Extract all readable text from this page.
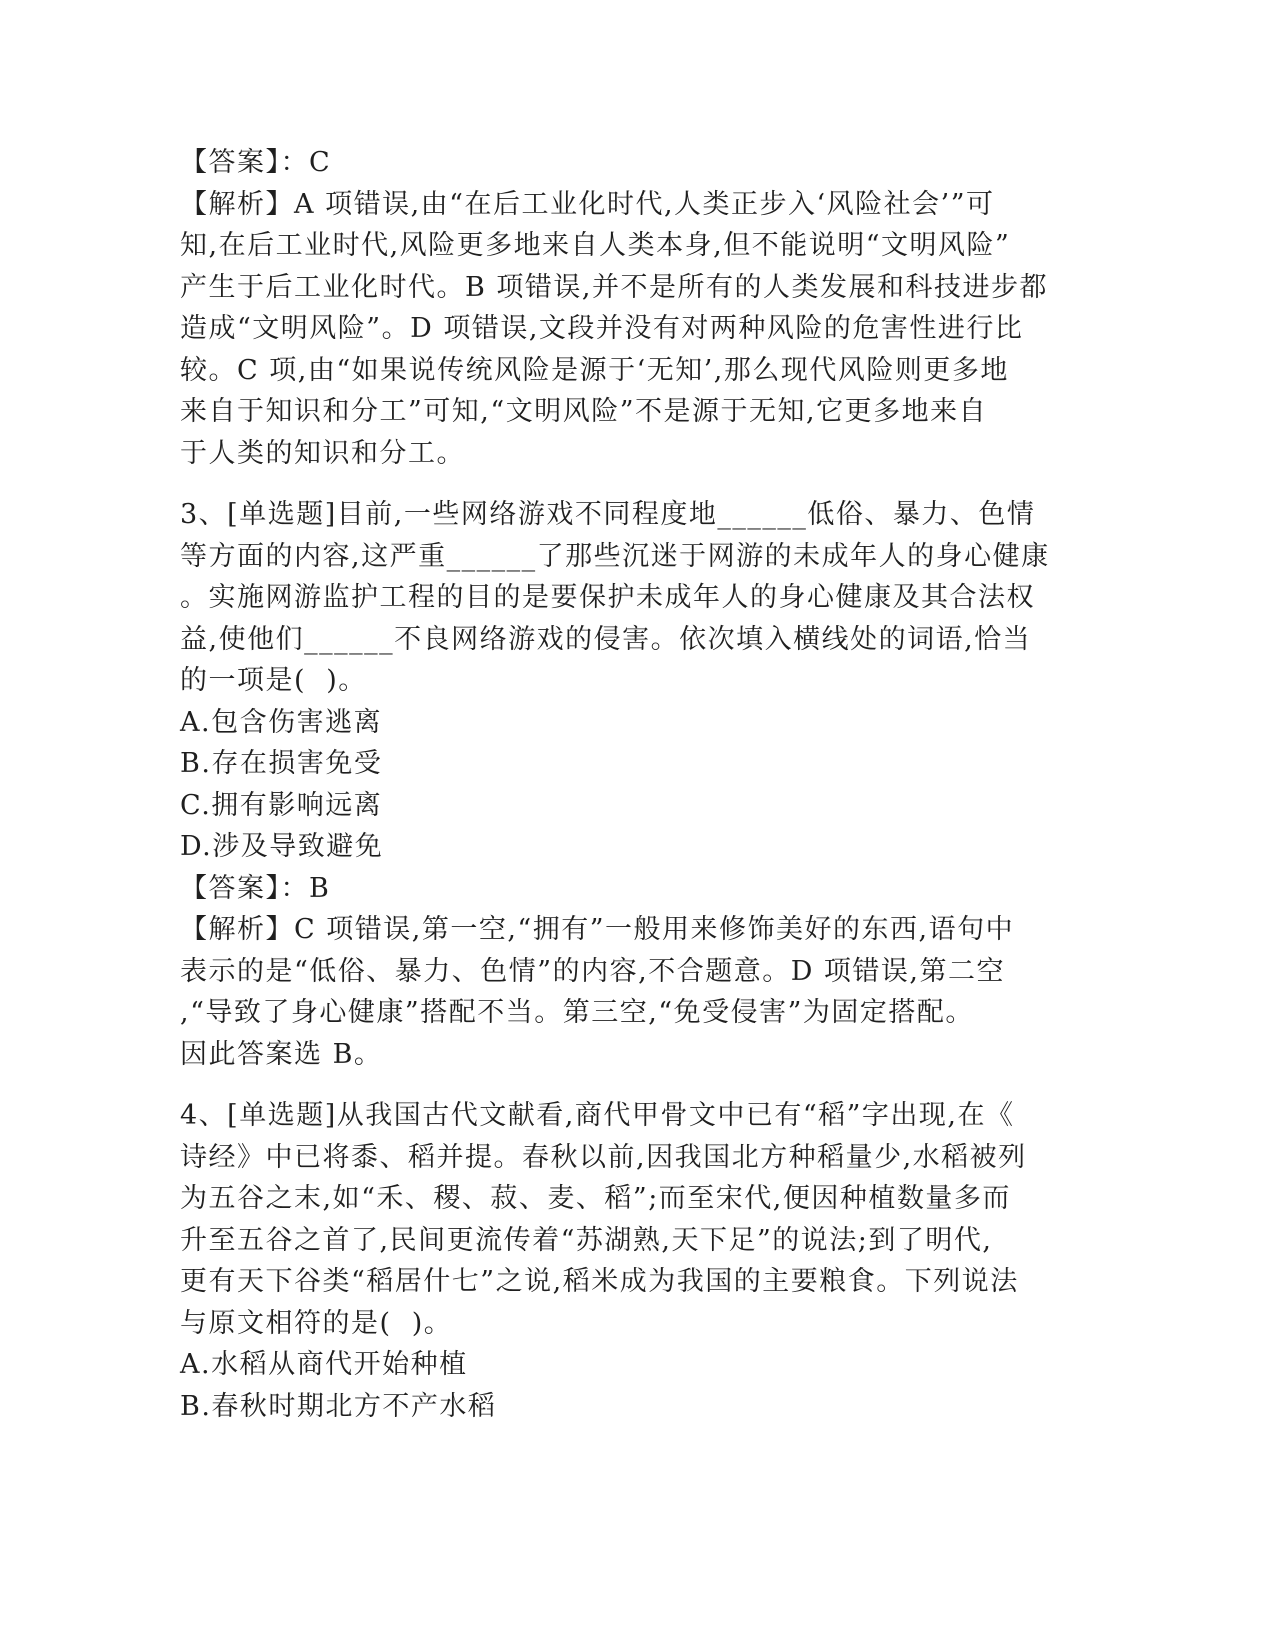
【答案】：C
【解析】A 项错误,由“在后工业化时代,人类正步入‘风险社会’”可
知,在后工业时代,风险更多地来自人类本身,但不能说明“文明风险”
产生于后工业化时代。B 项错误,并不是所有的人类发展和科技进步都
造成“文明风险”。D 项错误,文段并没有对两种风险的危害性进行比
较。C 项,由“如果说传统风险是源于‘无知’,那么现代风险则更多地
来自于知识和分工”可知,“文明风险”不是源于无知,它更多地来自
于人类的知识和分工。
3、[单选题]目前,一些网络游戏不同程度地______低俗、暴力、色情
等方面的内容,这严重______了那些沉迷于网游的未成年人的身心健康
。实施网游监护工程的目的是要保护未成年人的身心健康及其合法权
益,使他们______不良网络游戏的侵害。依次填入横线处的词语,恰当
的一项是(  )。
A.包含伤害逃离
B.存在损害免受
C.拥有影响远离
D.涉及导致避免
【答案】：B
【解析】C 项错误,第一空,“拥有”一般用来修饰美好的东西,语句中
表示的是“低俗、暴力、色情”的内容,不合题意。D 项错误,第二空
,“导致了身心健康”搭配不当。第三空,“免受侵害”为固定搭配。
因此答案选 B。
4、[单选题]从我国古代文献看,商代甲骨文中已有“稻”字出现,在《
诗经》中已将黍、稻并提。春秋以前,因我国北方种稻量少,水稻被列
为五谷之末,如“禾、稷、菽、麦、稻”;而至宋代,便因种植数量多而
升至五谷之首了,民间更流传着“苏湖熟,天下足”的说法;到了明代,
更有天下谷类“稻居什七”之说,稻米成为我国的主要粮食。下列说法
与原文相符的是(  )。
A.水稻从商代开始种植
B.春秋时期北方不产水稻
